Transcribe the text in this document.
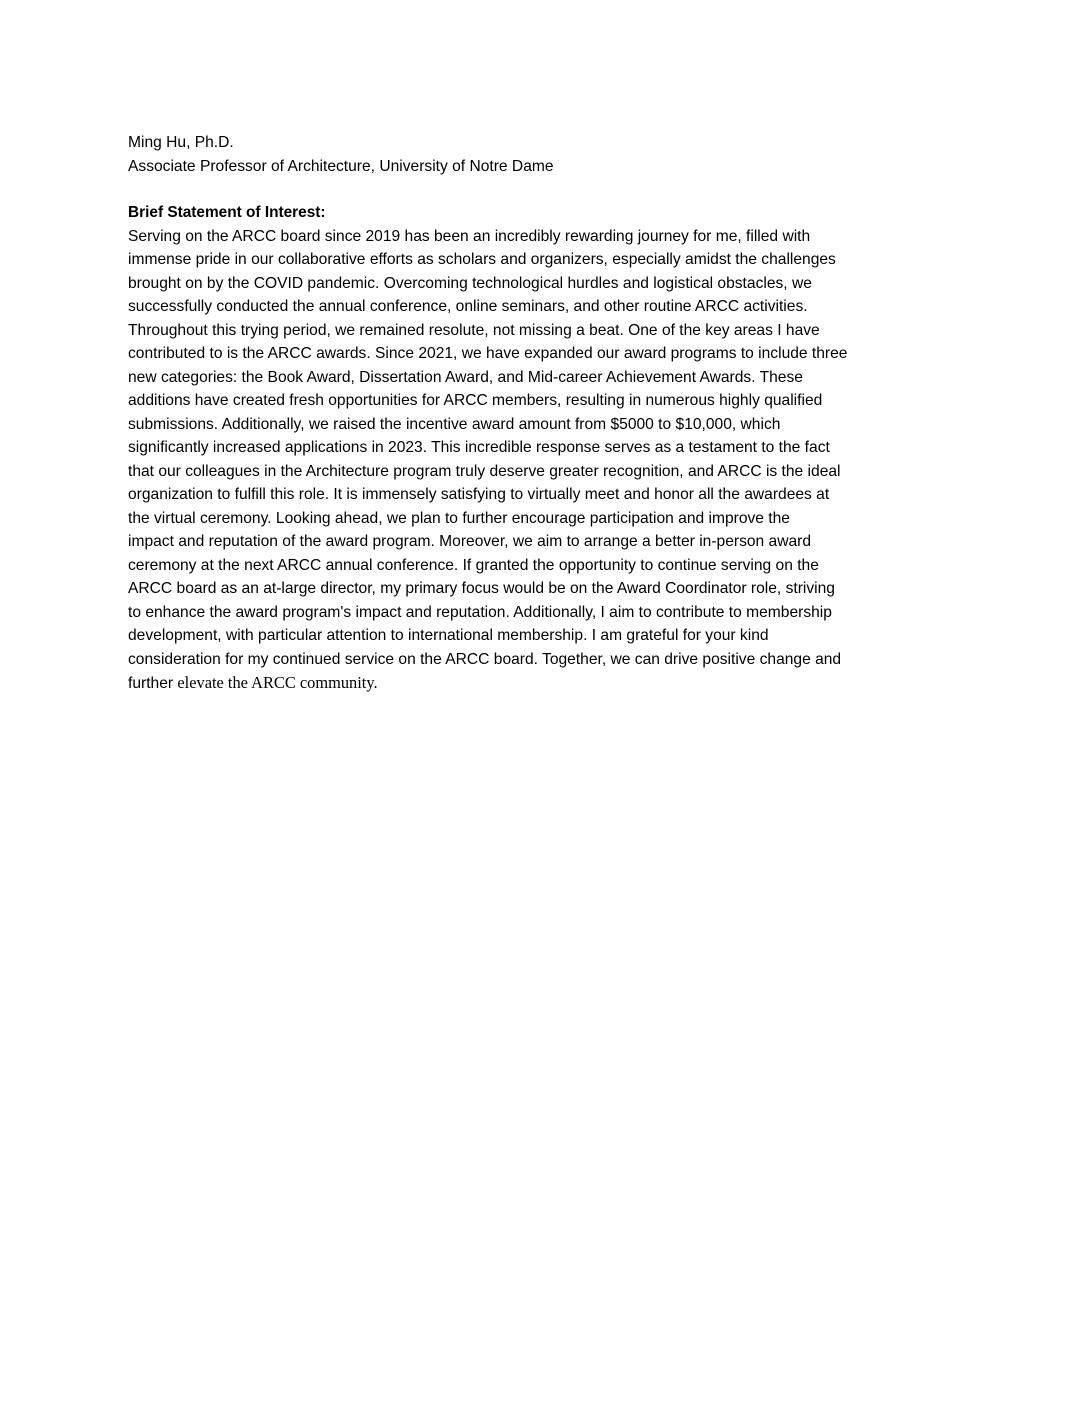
Ming Hu, Ph.D.
Associate Professor of Architecture, University of Notre Dame
Brief Statement of Interest:
Serving on the ARCC board since 2019 has been an incredibly rewarding journey for me, filled with
immense pride in our collaborative efforts as scholars and organizers, especially amidst the challenges
brought on by the COVID pandemic. Overcoming technological hurdles and logistical obstacles, we
successfully conducted the annual conference, online seminars, and other routine ARCC activities.
Throughout this trying period, we remained resolute, not missing a beat. One of the key areas I have
contributed to is the ARCC awards. Since 2021, we have expanded our award programs to include three
new categories: the Book Award, Dissertation Award, and Mid-career Achievement Awards. These
additions have created fresh opportunities for ARCC members, resulting in numerous highly qualified
submissions. Additionally, we raised the incentive award amount from $5000 to $10,000, which
significantly increased applications in 2023. This incredible response serves as a testament to the fact
that our colleagues in the Architecture program truly deserve greater recognition, and ARCC is the ideal
organization to fulfill this role. It is immensely satisfying to virtually meet and honor all the awardees at
the virtual ceremony. Looking ahead, we plan to further encourage participation and improve the
impact and reputation of the award program. Moreover, we aim to arrange a better in-person award
ceremony at the next ARCC annual conference. If granted the opportunity to continue serving on the
ARCC board as an at-large director, my primary focus would be on the Award Coordinator role, striving
to enhance the award program's impact and reputation. Additionally, I aim to contribute to membership
development, with particular attention to international membership. I am grateful for your kind
consideration for my continued service on the ARCC board. Together, we can drive positive change and
further elevate the ARCC community.
